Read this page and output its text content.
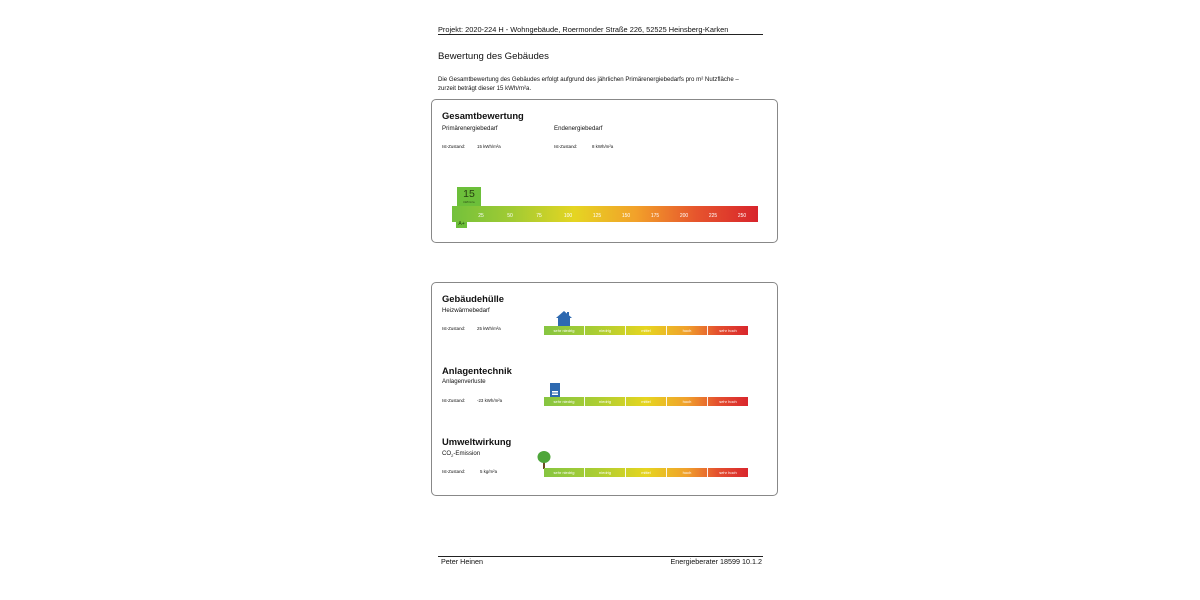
Projekt: 2020-224 H - Wohngebäude, Roermonder Straße 226, 52525 Heinsberg-Karken
Bewertung des Gebäudes
Die Gesamtbewertung des Gebäudes erfolgt aufgrund des jährlichen Primärenergiebedarfs pro m² Nutzfläche –
zurzeit beträgt dieser 15 kWh/m²a.
Gesamtbewertung
Primärenergiebedarf	Endenergiebedarf
Ist-Zustand:	15 kWh/m²a	Ist-Zustand:	8 kWh/m²a
25	50	75	100	125	150	175	200	225	250
A+
15
kWh/m²a
Gebäudehülle
Heizwärmebedarf
Ist-Zustand:	25 kWh/m²a	sehr niedrig	niedrig	mittel	hoch	sehr hoch
Anlagentechnik
Anlagenverluste
Ist-Zustand:	-23 kWh/m²a	sehr niedrig	niedrig	mittel	hoch	sehr hoch
Umweltwirkung
$CO_2$-Emission
Ist-Zustand:	5 kg/m²a	sehr niedrig	niedrig	mittel	hoch	sehr hoch
Peter Heinen	Energieberater 18599 10.1.2
